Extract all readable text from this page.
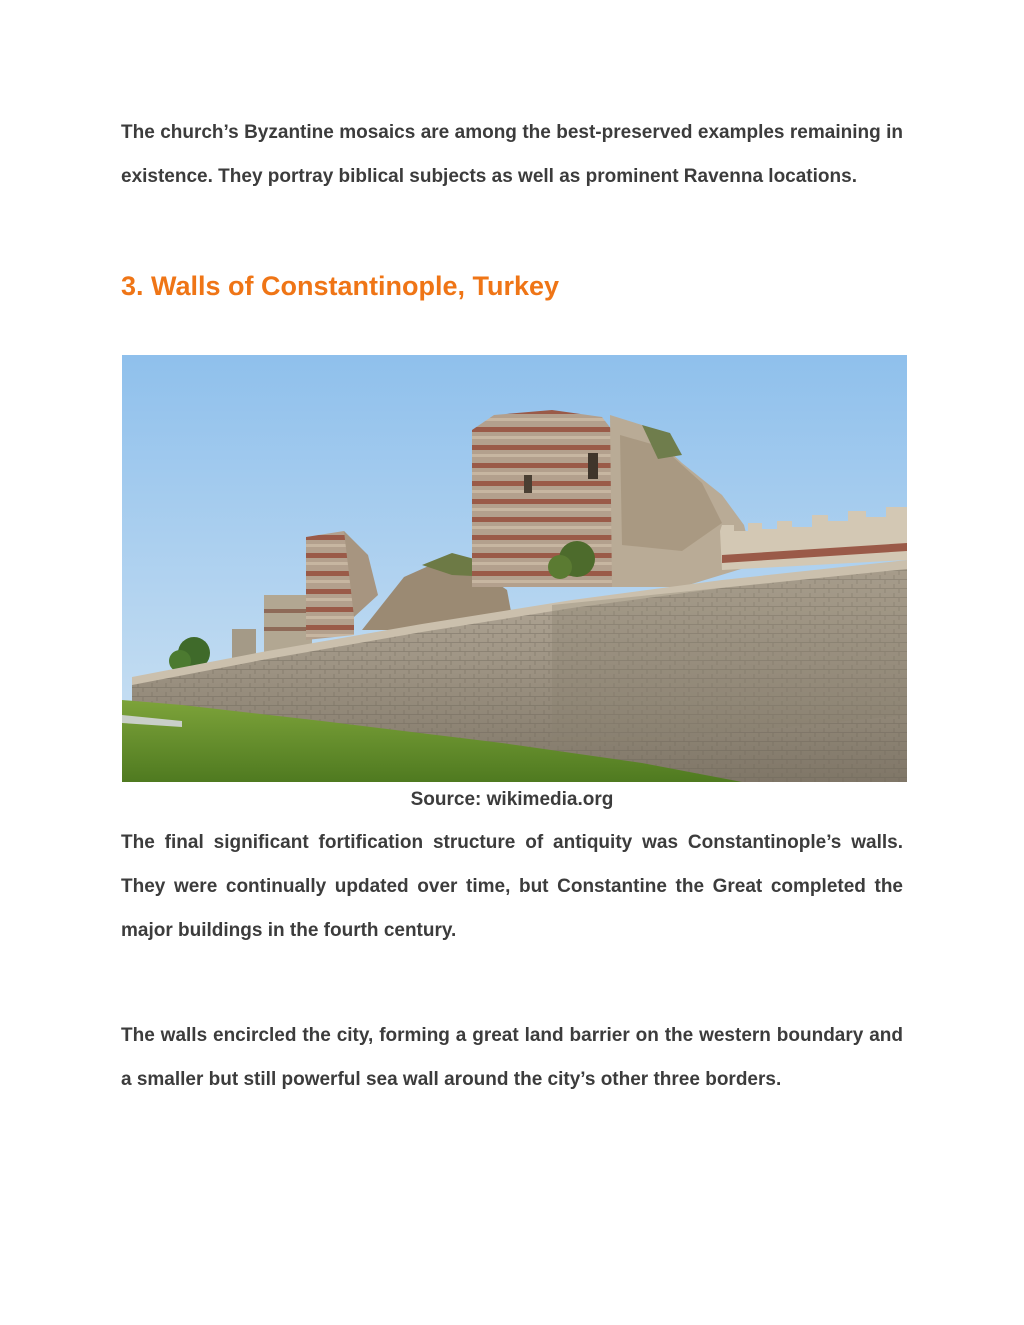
The church’s Byzantine mosaics are among the best-preserved examples remaining in existence. They portray biblical subjects as well as prominent Ravenna locations.

3. Walls of Constantinople, Turkey
Source: wikimedia.org

The final significant fortification structure of antiquity was Constantinople’s walls. They were continually updated over time, but Constantine the Great completed the major buildings in the fourth century.

The walls encircled the city, forming a great land barrier on the western boundary and a smaller but still powerful sea wall around the city’s other three borders.
